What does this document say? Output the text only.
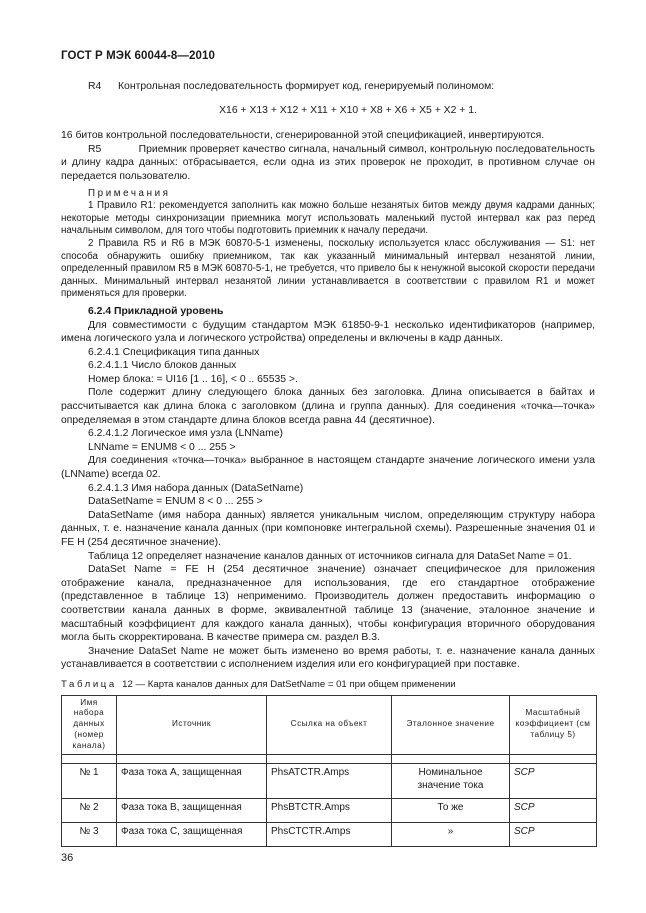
ГОСТ Р МЭК 60044-8—2010
R4	Контрольная последовательность формирует код, генерируемый полиномом:

X16 + X13 + X12 + X11 + X10 + X8 + X6 + X5 + X2 + 1.

16 битов контрольной последовательности, сгенерированной этой спецификацией, инвертируются.

R5	Приемник проверяет качество сигнала, начальный символ, контрольную последовательность и длину кадра данных: отбрасывается, если одна из этих проверок не проходит, в противном случае он передается пользователю.

Примечания

1 Правило R1: рекомендуется заполнить как можно больше незанятых битов между двумя кадрами данных; некоторые методы синхронизации приемника могут использовать маленький пустой интервал как раз перед начальным символом, для того чтобы подготовить приемник к началу передачи.

2 Правила R5 и R6 в МЭК 60870-5-1 изменены, поскольку используется класс обслуживания — S1: нет способа обнаружить ошибку приемником, так как указанный минимальный интервал незанятой линии, определенный правилом R5 в МЭК 60870-5-1, не требуется, что привело бы к ненужной высокой скорости передачи данных. Минимальный интервал незанятой линии устанавливается в соответствии с правилом R1 и может применяться для проверки.

6.2.4 Прикладной уровень

Для совместимости с будущим стандартом МЭК 61850-9-1 несколько идентификаторов (например, имена логического узла и логического устройства) определены и включены в кадр данных.

6.2.4.1 Спецификация типа данных

6.2.4.1.1 Число блоков данных

Номер блока: = UI16 [1 .. 16], < 0 .. 65535 >.

Поле содержит длину следующего блока данных без заголовка. Длина описывается в байтах и рассчитывается как длина блока с заголовком (длина и группа данных). Для соединения «точка—точка» определяемая в этом стандарте длина блоков всегда равна 44 (десятичное).

6.2.4.1.2 Логическое имя узла (LNName)

LNName = ENUM8 < 0 ... 255 >

Для соединения «точка—точка» выбранное в настоящем стандарте значение логического имени узла (LNName) всегда 02.

6.2.4.1.3 Имя набора данных (DataSetName)

DataSetName = ENUM 8 < 0 ... 255 >

DataSetName (имя набора данных) является уникальным числом, определяющим структуру набора данных, т. е. назначение канала данных (при компоновке интегральной схемы). Разрешенные значения 01 и FE H (254 десятичное значение).

Таблица 12 определяет назначение каналов данных от источников сигнала для DataSet Name = 01.

DataSet Name = FE H (254 десятичное значение) означает специфическое для приложения отображение канала, предназначенное для использования, где его стандартное отображение (представленное в таблице 13) неприменимо. Производитель должен предоставить информацию о соответствии канала данных в форме, эквивалентной таблице 13 (значение, эталонное значение и масштабный коэффициент для каждого канала данных), чтобы конфигурация вторичного оборудования могла быть скорректирована. В качестве примера см. раздел В.3.

Значение DataSet Name не может быть изменено во время работы, т. е. назначение канала данных устанавливается в соответствии с исполнением изделия или его конфигурацией при поставке.

Таблица 12 — Карта каналов данных для DatSetName = 01 при общем применении

Имя набора данных (номер канала)	Источник	Ссылка на объект	Эталонное значение	Масштабный коэффициент (см таблицу 5)

№ 1	Фаза тока А, защищенная	PhsATCTR.Amps	Номинальное значение тока	SCP
№ 2	Фаза тока В, защищенная	PhsBTCTR.Amps	То же	SCP
№ 3	Фаза тока С, защищенная	PhsCTCTR.Amps	»	SCP
36
